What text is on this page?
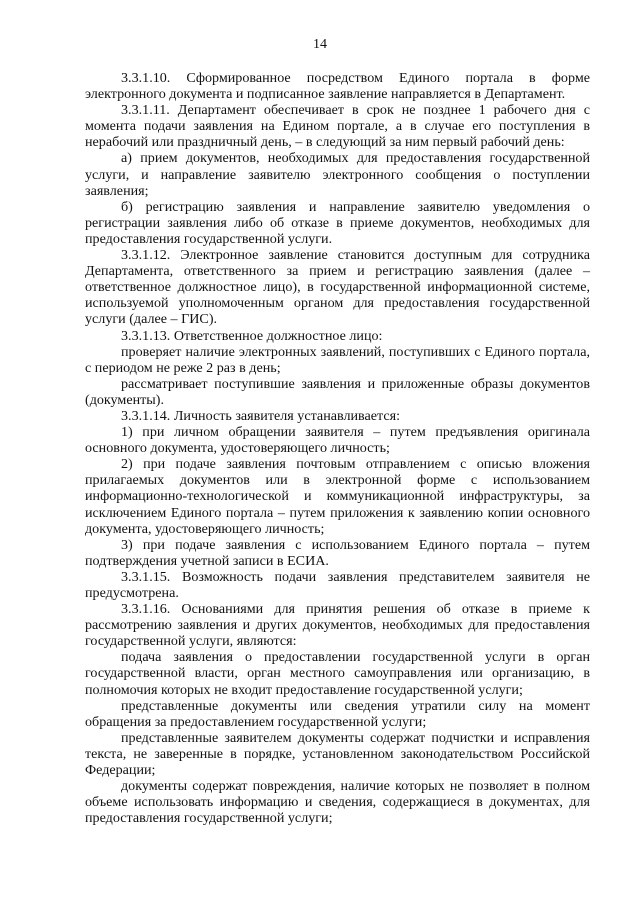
14

3.3.1.10. Сформированное посредством Единого портала в форме электронного документа и подписанное заявление направляется в Департамент.

3.3.1.11. Департамент обеспечивает в срок не позднее 1 рабочего дня с момента подачи заявления на Едином портале, а в случае его поступления в нерабочий или праздничный день, – в следующий за ним первый рабочий день:

а) прием документов, необходимых для предоставления государственной услуги, и направление заявителю электронного сообщения о поступлении заявления;

б) регистрацию заявления и направление заявителю уведомления о регистрации заявления либо об отказе в приеме документов, необходимых для предоставления государственной услуги.

3.3.1.12. Электронное заявление становится доступным для сотрудника Департамента, ответственного за прием и регистрацию заявления (далее – ответственное должностное лицо), в государственной информационной системе, используемой уполномоченным органом для предоставления государственной услуги (далее – ГИС).

3.3.1.13. Ответственное должностное лицо:

проверяет наличие электронных заявлений, поступивших с Единого портала, с периодом не реже 2 раз в день;

рассматривает поступившие заявления и приложенные образы документов (документы).

3.3.1.14. Личность заявителя устанавливается:

1) при личном обращении заявителя – путем предъявления оригинала основного документа, удостоверяющего личность;

2) при подаче заявления почтовым отправлением с описью вложения прилагаемых документов или в электронной форме с использованием информационно-технологической и коммуникационной инфраструктуры, за исключением Единого портала – путем приложения к заявлению копии основного документа, удостоверяющего личность;

3) при подаче заявления с использованием Единого портала – путем подтверждения учетной записи в ЕСИА.

3.3.1.15. Возможность подачи заявления представителем заявителя не предусмотрена.

3.3.1.16. Основаниями для принятия решения об отказе в приеме к рассмотрению заявления и других документов, необходимых для предоставления государственной услуги, являются:

подача заявления о предоставлении государственной услуги в орган государственной власти, орган местного самоуправления или организацию, в полномочия которых не входит предоставление государственной услуги;

представленные документы или сведения утратили силу на момент обращения за предоставлением государственной услуги;

представленные заявителем документы содержат подчистки и исправления текста, не заверенные в порядке, установленном законодательством Российской Федерации;

документы содержат повреждения, наличие которых не позволяет в полном объеме использовать информацию и сведения, содержащиеся в документах, для предоставления государственной услуги;
